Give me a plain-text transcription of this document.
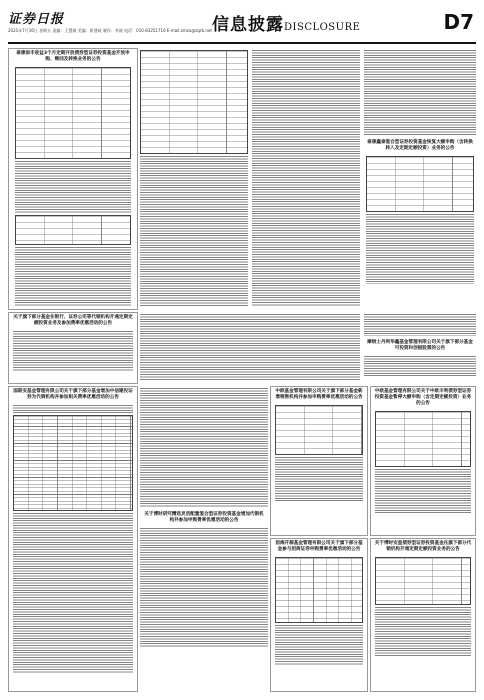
证券日报
2021年7月16日 星期五 责编：王慧娟 美编：崔建岐 制作：李波 电话：010-83251716 E-mail:zmzx@zqrb.net 信息披露DISCLOSURE	D7
泰康添丰收益3个月定期开放债券型证券投资基金开放申购、赎回及转换业务的公告
泰康鑫泰混合型证券投资基金恢复大额申购（含转换转入及定期定额投资）业务的公告
关于旗下部分基金在银行、证券公司等代销机构开通定期定额投资业务及参加费率优惠活动的公告
摩根士丹利华鑫基金管理有限公司关于旗下部分基金可投资科创板股票的公告
国联安基金管理有限公司关于旗下部分基金增加中信建投证券为代销机构并参加相关费率优惠活动的公告
关于博时研究精选灵活配置混合型证券投资基金增加代销机构并参加申购费率优惠活动的公告
中欧基金管理有限公司关于旗下部分基金新增销售机构并参加申购费率优惠活动的公告
中欧基金管理有限公司关于中欧丰利债券型证券投资基金暂停大额申购（含定期定额投资）业务的公告
前海开源基金管理有限公司关于旗下部分基金参与招商证券申购费率优惠活动的公告
关于博时安盈债券型证券投资基金在旗下部分代销机构开通定期定额投资业务的公告
